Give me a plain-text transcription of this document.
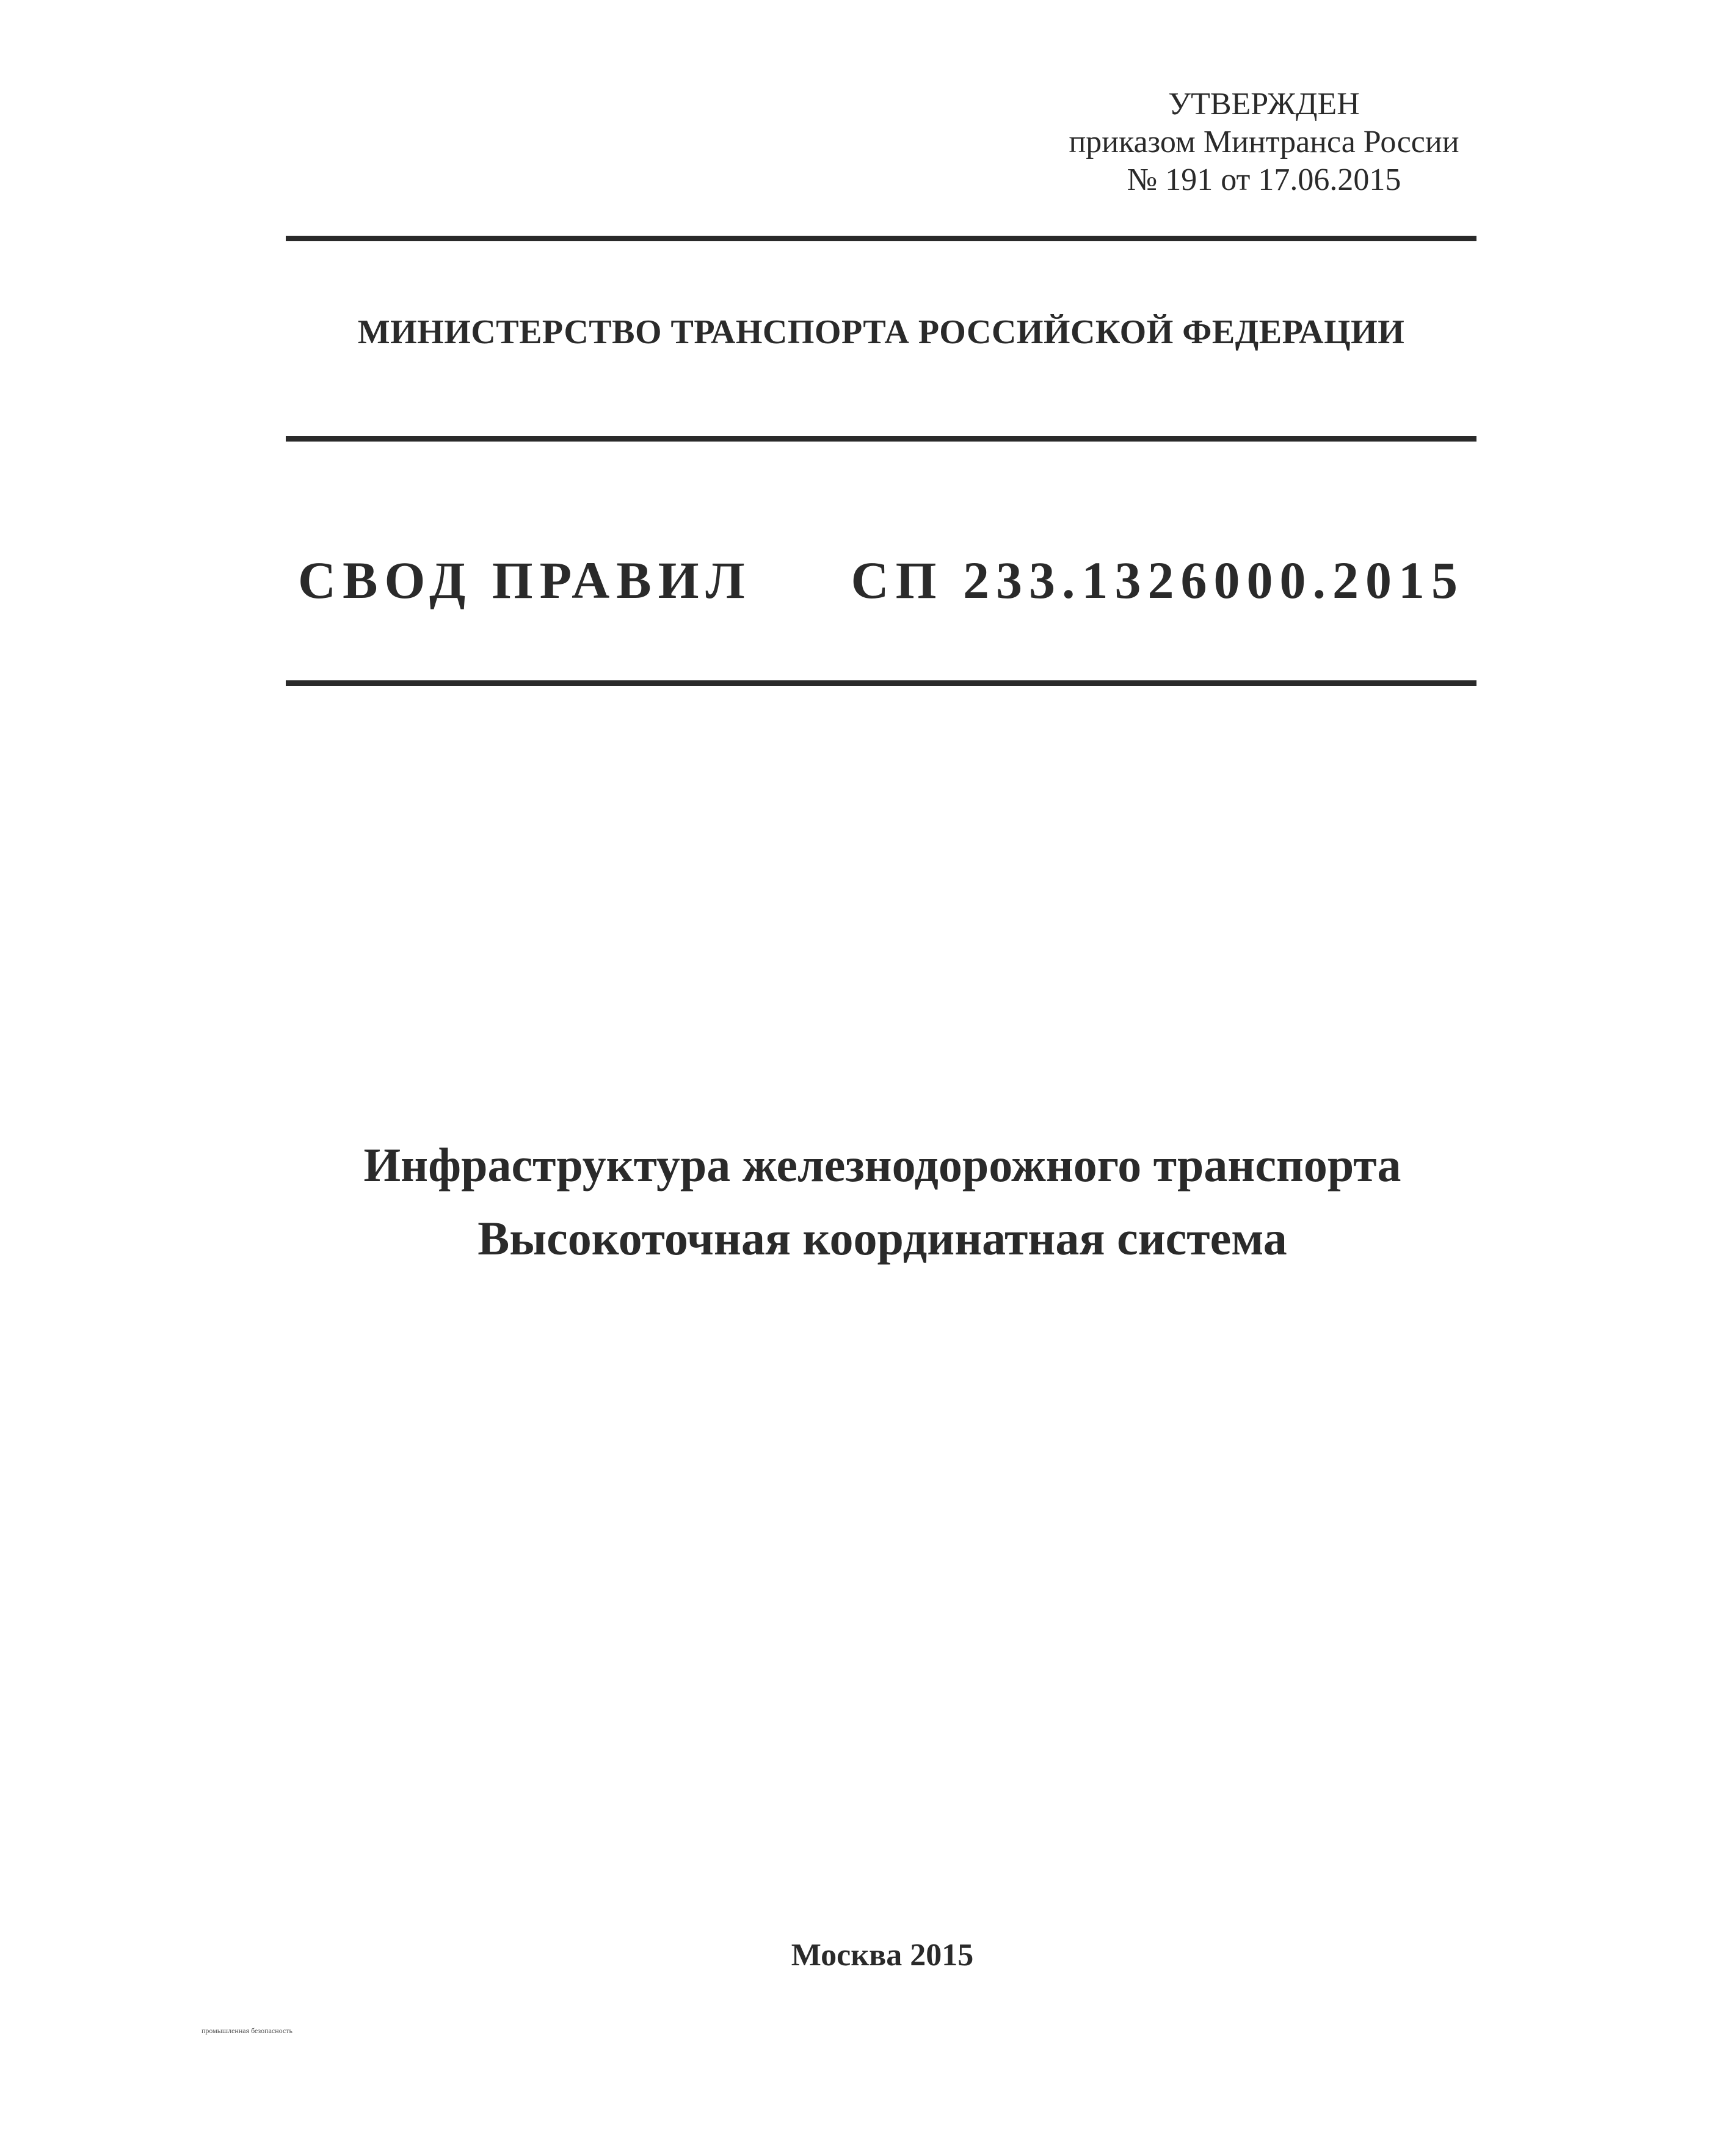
УТВЕРЖДЕН
приказом Минтранса России
№ 191 от 17.06.2015
МИНИСТЕРСТВО ТРАНСПОРТА РОССИЙСКОЙ ФЕДЕРАЦИИ
СВОД ПРАВИЛ СП 233.1326000.2015
Инфраструктура железнодорожного транспорта
Высокоточная координатная система
Москва 2015
промышленная безопасность
